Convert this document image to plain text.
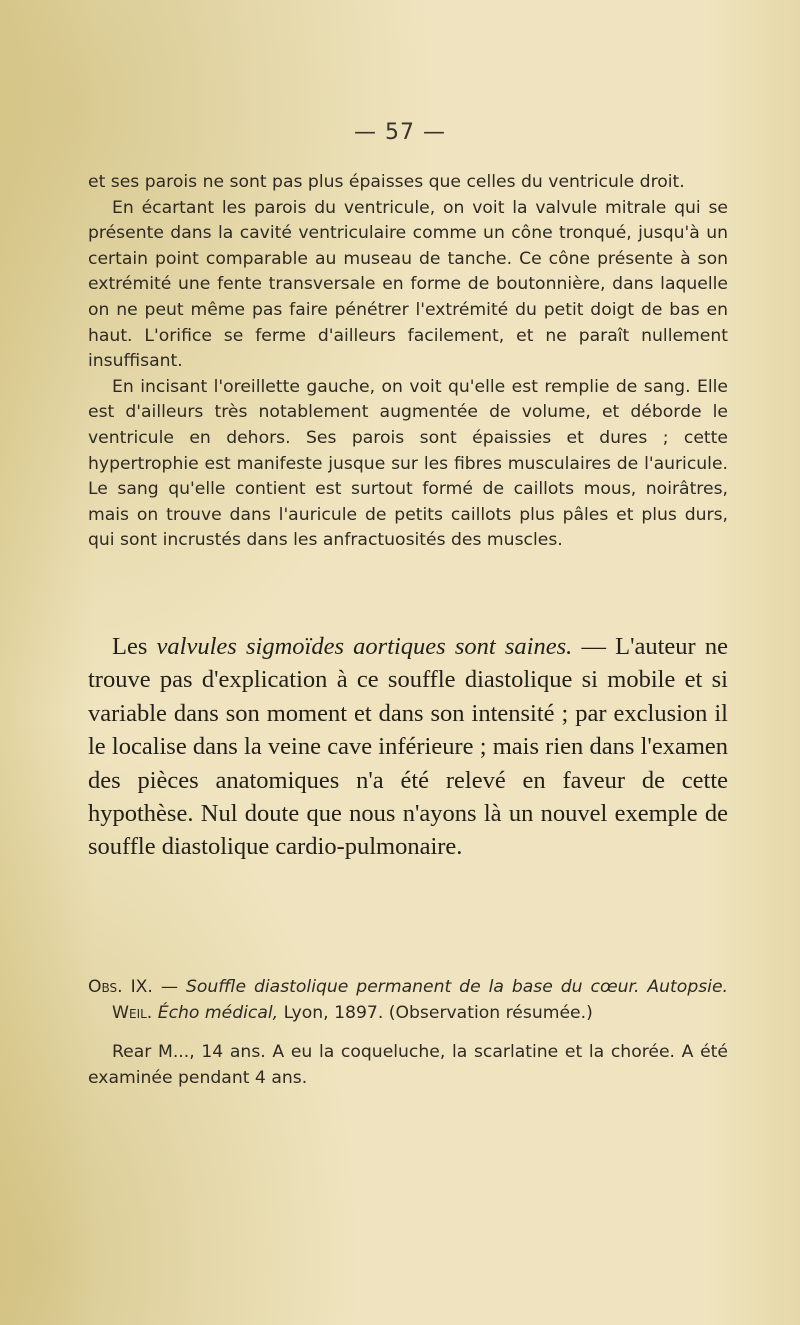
— 57 —

et ses parois ne sont pas plus épaisses que celles du ventricule droit.

En écartant les parois du ventricule, on voit la valvule mitrale qui se présente dans la cavité ventriculaire comme un cône tronqué, jusqu'à un certain point comparable au museau de tanche. Ce cône présente à son extrémité une fente transversale en forme de boutonnière, dans laquelle on ne peut même pas faire pénétrer l'extrémité du petit doigt de bas en haut. L'orifice se ferme d'ailleurs facilement, et ne paraît nullement insuffisant.

En incisant l'oreillette gauche, on voit qu'elle est remplie de sang. Elle est d'ailleurs très notablement augmentée de volume, et déborde le ventricule en dehors. Ses parois sont épaissies et dures ; cette hypertrophie est manifeste jusque sur les fibres musculaires de l'auricule. Le sang qu'elle contient est surtout formé de caillots mous, noirâtres, mais on trouve dans l'auricule de petits caillots plus pâles et plus durs, qui sont incrustés dans les anfractuosités des muscles.

Les valvules sigmoïdes aortiques sont saines. — L'auteur ne trouve pas d'explication à ce souffle diastolique si mobile et si variable dans son moment et dans son intensité ; par exclusion il le localise dans la veine cave inférieure ; mais rien dans l'examen des pièces anatomiques n'a été relevé en faveur de cette hypothèse. Nul doute que nous n'ayons là un nouvel exemple de souffle diastolique cardio-pulmonaire.

Obs. IX. — Souffle diastolique permanent de la base du cœur. Autopsie. Weil. Écho médical, Lyon, 1897. (Observation résumée.)

Rear M..., 14 ans. A eu la coqueluche, la scarlatine et la chorée. A été examinée pendant 4 ans.
